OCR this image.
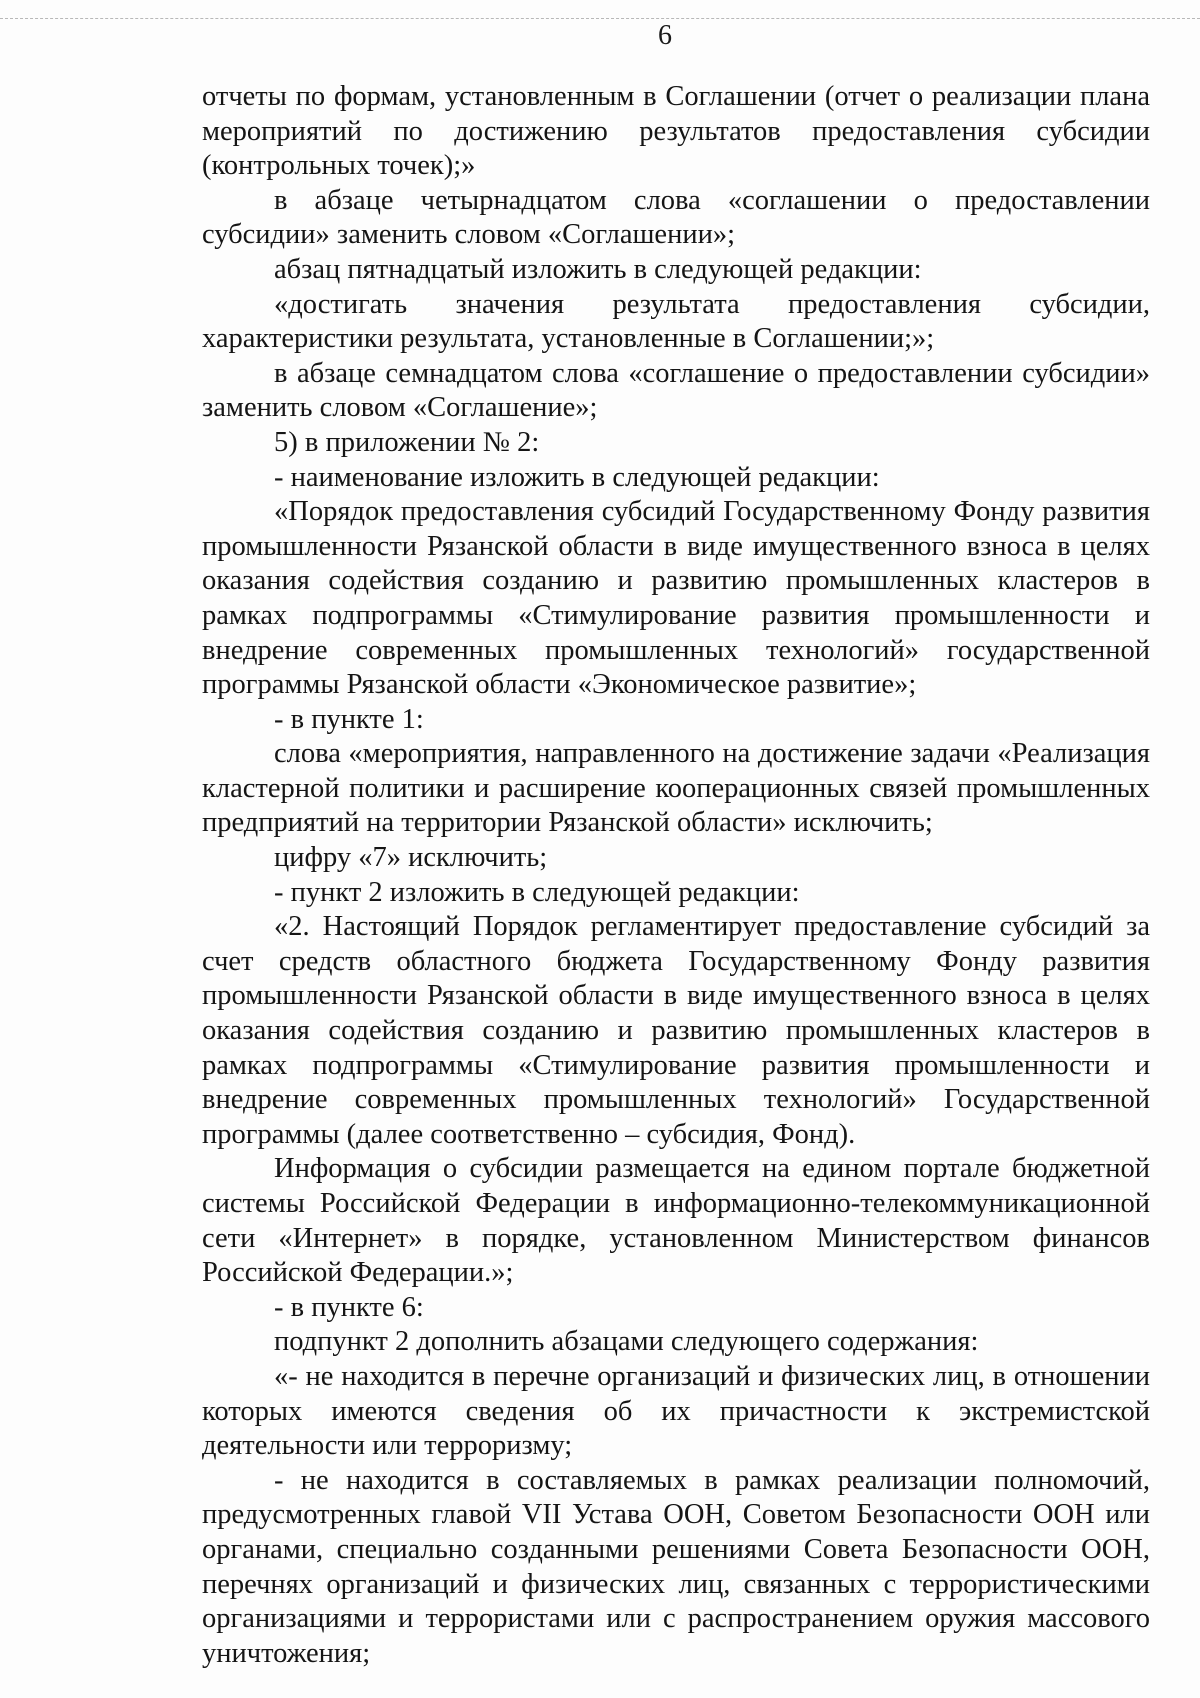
6

отчеты по формам, установленным в Соглашении (отчет о реализации плана мероприятий по достижению результатов предоставления субсидии (контрольных точек);»

в абзаце четырнадцатом слова «соглашении о предоставлении субсидии» заменить словом «Соглашении»;

абзац пятнадцатый изложить в следующей редакции:

«достигать значения результата предоставления субсидии, характеристики результата, установленные в Соглашении;»;

в абзаце семнадцатом слова «соглашение о предоставлении субсидии» заменить словом «Соглашение»;

5) в приложении № 2:

- наименование изложить в следующей редакции:

«Порядок предоставления субсидий Государственному Фонду развития промышленности Рязанской области в виде имущественного взноса в целях оказания содействия созданию и развитию промышленных кластеров в рамках подпрограммы «Стимулирование развития промышленности и внедрение современных промышленных технологий» государственной программы Рязанской области «Экономическое развитие»;

- в пункте 1:

слова «мероприятия, направленного на достижение задачи «Реализация кластерной политики и расширение кооперационных связей промышленных предприятий на территории Рязанской области» исключить;

цифру «7» исключить;

- пункт 2 изложить в следующей редакции:

«2. Настоящий Порядок регламентирует предоставление субсидий за счет средств областного бюджета Государственному Фонду развития промышленности Рязанской области в виде имущественного взноса в целях оказания содействия созданию и развитию промышленных кластеров в рамках подпрограммы «Стимулирование развития промышленности и внедрение современных промышленных технологий» Государственной программы (далее соответственно – субсидия, Фонд).

Информация о субсидии размещается на едином портале бюджетной системы Российской Федерации в информационно-телекоммуникационной сети «Интернет» в порядке, установленном Министерством финансов Российской Федерации.»;

- в пункте 6:

подпункт 2 дополнить абзацами следующего содержания:

«- не находится в перечне организаций и физических лиц, в отношении которых имеются сведения об их причастности к экстремистской деятельности или терроризму;

- не находится в составляемых в рамках реализации полномочий, предусмотренных главой VII Устава ООН, Советом Безопасности ООН или органами, специально созданными решениями Совета Безопасности ООН, перечнях организаций и физических лиц, связанных с террористическими организациями и террористами или с распространением оружия массового уничтожения;
